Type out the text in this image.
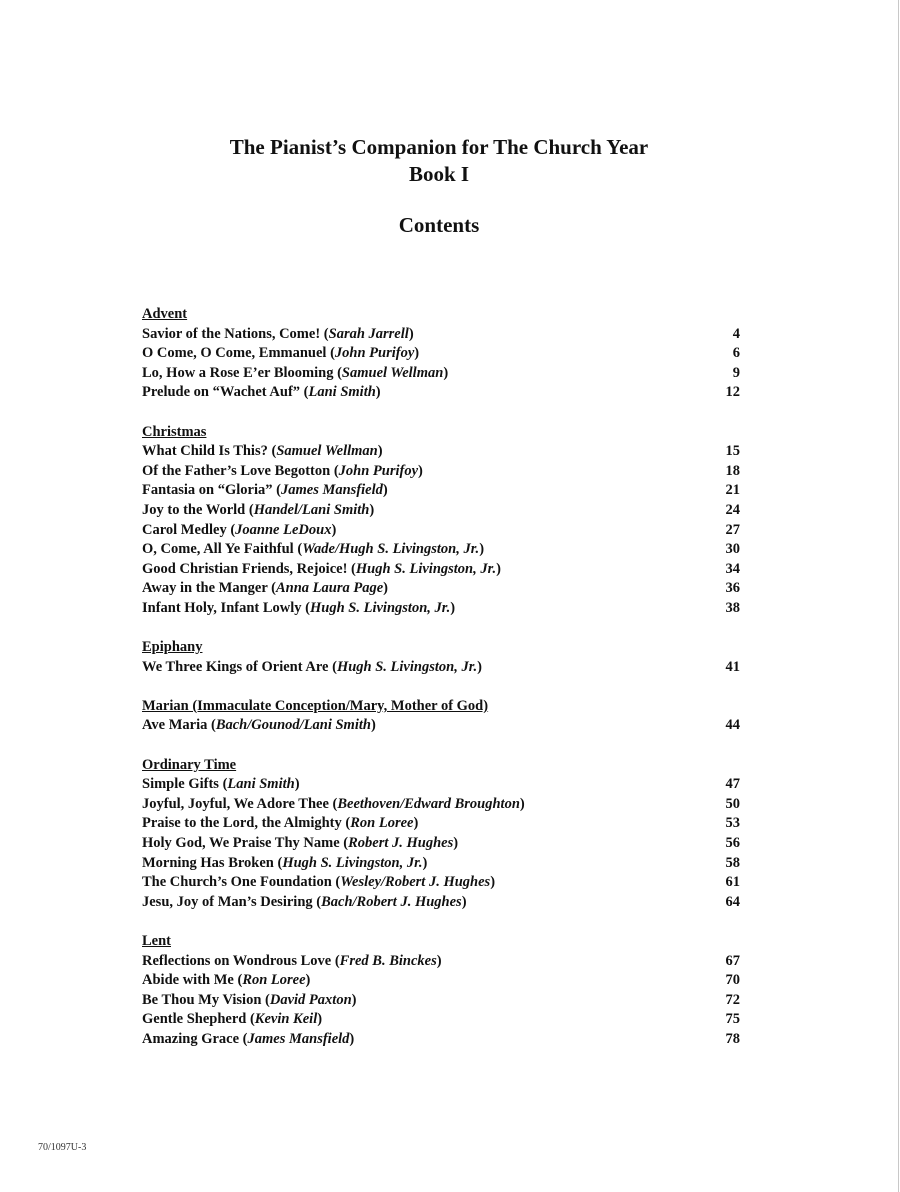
The Pianist’s Companion for The Church Year

Book I

Contents

Advent
Savior of the Nations, Come! (Sarah Jarrell)	4
O Come, O Come, Emmanuel (John Purifoy)	6
Lo, How a Rose E’er Blooming (Samuel Wellman)	9
Prelude on “Wachet Auf” (Lani Smith)	12
Christmas
What Child Is This? (Samuel Wellman)	15
Of the Father’s Love Begotton (John Purifoy)	18
Fantasia on “Gloria” (James Mansfield)	21
Joy to the World (Handel/Lani Smith)	24
Carol Medley (Joanne LeDoux)	27
O, Come, All Ye Faithful (Wade/Hugh S. Livingston, Jr.)	30
Good Christian Friends, Rejoice! (Hugh S. Livingston, Jr.)	34
Away in the Manger (Anna Laura Page)	36
Infant Holy, Infant Lowly (Hugh S. Livingston, Jr.)	38
Epiphany
We Three Kings of Orient Are (Hugh S. Livingston, Jr.)	41
Marian (Immaculate Conception/Mary, Mother of God)
Ave Maria (Bach/Gounod/Lani Smith)	44
Ordinary Time
Simple Gifts (Lani Smith)	47
Joyful, Joyful, We Adore Thee (Beethoven/Edward Broughton)	50
Praise to the Lord, the Almighty (Ron Loree)	53
Holy God, We Praise Thy Name (Robert J. Hughes)	56
Morning Has Broken (Hugh S. Livingston, Jr.)	58
The Church’s One Foundation (Wesley/Robert J. Hughes)	61
Jesu, Joy of Man’s Desiring (Bach/Robert J. Hughes)	64
Lent
Reflections on Wondrous Love (Fred B. Binckes)	67
Abide with Me (Ron Loree)	70
Be Thou My Vision (David Paxton)	72
Gentle Shepherd (Kevin Keil)	75
Amazing Grace (James Mansfield)	78
70/1097U-3
